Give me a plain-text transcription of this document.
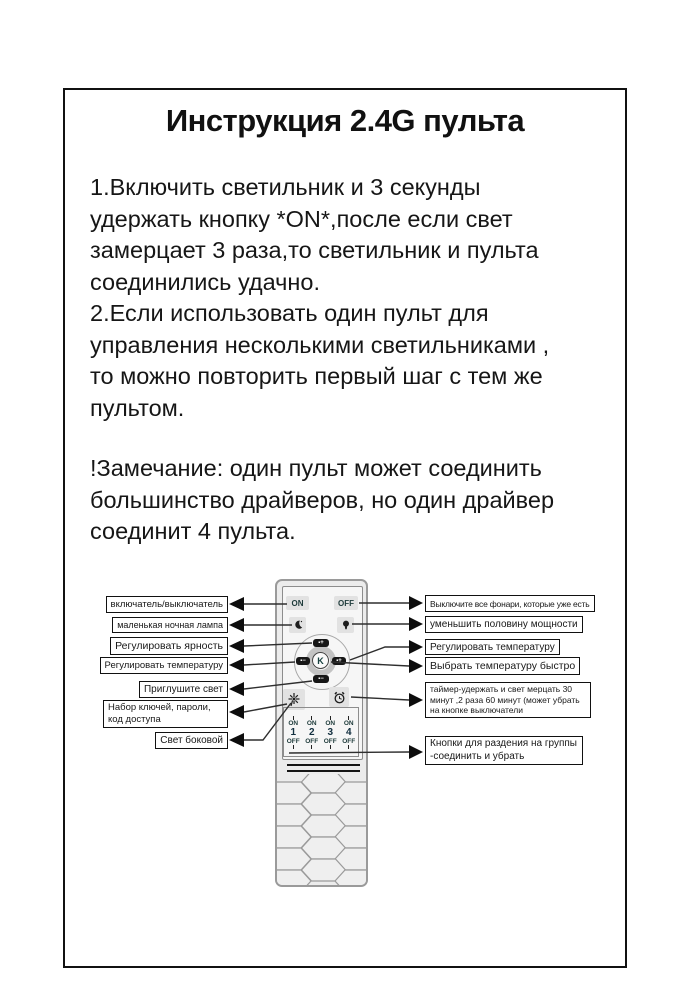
Инструкция 2.4G пульта
1.Включить светильник и 3 секунды
удержать кнопку *ON*,после если свет
замерцает 3 раза,то светильник и пульта
соединились удачно.
2.Если использовать один пульт для
управления несколькими светильниками ,
то можно повторить первый шаг с тем же
пультом.
!Замечание: один пульт может соединить
большинство драйверов, но один драйвер
соединит 4 пульта.
ON	OFF
K
▪+
▪−
▪−	▪+
ON
1
OFF
ON
2
OFF
ON
3
OFF
ON
4
OFF
включатель/выключатель
маленькая ночная лампа
Регулировать ярность
Регулировать температуру
Приглушите свет
Набор ключей, пароли, код доступа
Свет боковой
Выключите все фонари, которые уже есть
уменьшить половину мощности
Регулировать температуру
Выбрать температуру быстро
таймер-удержать и свет мерцать 30 минут ,2 раза 60 минут (может убрать на кнопке выключатели
Кнопки для раздения на группы -соединить и убрать
